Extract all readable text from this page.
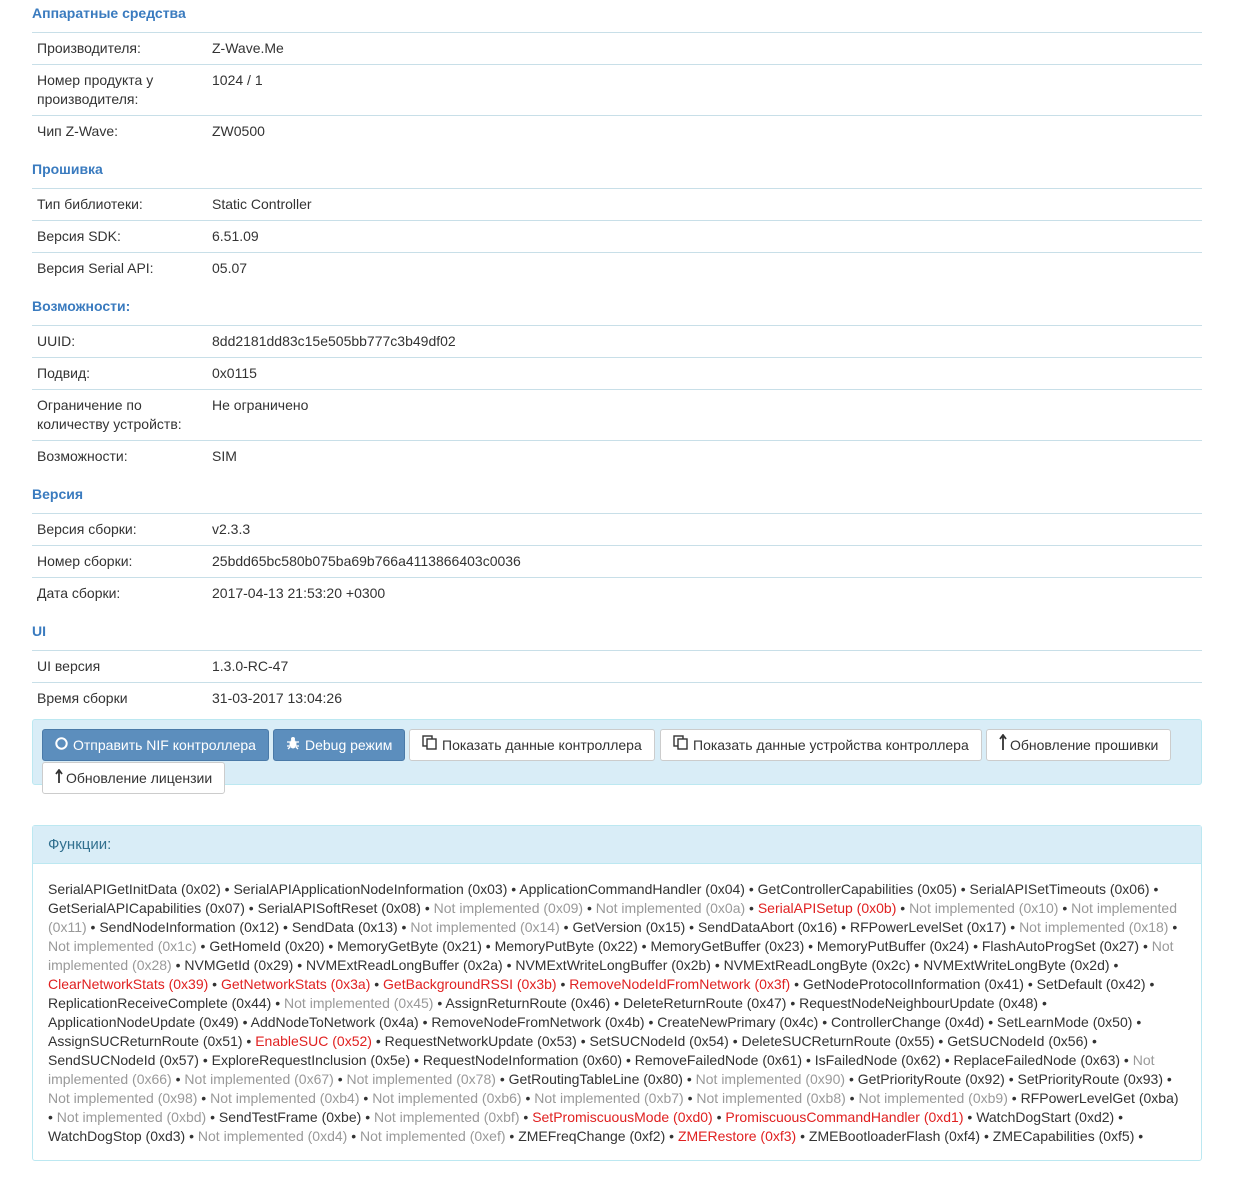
Аппаратные средства
Производителя:	Z-Wave.Me
Номер продукта у производителя:
1024 / 1
Чип Z-Wave:	ZW0500
Прошивка
Тип библиотеки:	Static Controller
Версия SDK:	6.51.09
Версия Serial API:	05.07
Возможности:
UUID:	8dd2181dd83c15e505bb777c3b49df02
Подвид:	0x0115
Ограничение по количеству устройств:
Не ограничено
Возможности:	SIM
Версия
Версия сборки:	v2.3.3
Номер сборки:	25bdd65bc580b075ba69b766a4113866403c0036
Дата сборки:	2017-04-13 21:53:20 +0300
UI
UI версия	1.3.0-RC-47
Время сборки	31-03-2017 13:04:26
Отправить NIF контроллера	Debug режим	Показать данные контроллера	Показать данные устройства контроллера	Обновление прошивки
Обновление лицензии
Функции:
SerialAPIGetInitData (0x02) • SerialAPIApplicationNodeInformation (0x03) • ApplicationCommandHandler (0x04) • GetControllerCapabilities (0x05) • SerialAPISetTimeouts (0x06) • GetSerialAPICapabilities (0x07) • SerialAPISoftReset (0x08) • Not implemented (0x09) • Not implemented (0x0a) • SerialAPISetup (0x0b) • Not implemented (0x10) • Not implemented (0x11) • SendNodeInformation (0x12) • SendData (0x13) • Not implemented (0x14) • GetVersion (0x15) • SendDataAbort (0x16) • RFPowerLevelSet (0x17) • Not implemented (0x18) • Not implemented (0x1c) • GetHomeId (0x20) • MemoryGetByte (0x21) • MemoryPutByte (0x22) • MemoryGetBuffer (0x23) • MemoryPutBuffer (0x24) • FlashAutoProgSet (0x27) • Not implemented (0x28) • NVMGetId (0x29) • NVMExtReadLongBuffer (0x2a) • NVMExtWriteLongBuffer (0x2b) • NVMExtReadLongByte (0x2c) • NVMExtWriteLongByte (0x2d) • ClearNetworkStats (0x39) • GetNetworkStats (0x3a) • GetBackgroundRSSI (0x3b) • RemoveNodeIdFromNetwork (0x3f) • GetNodeProtocolInformation (0x41) • SetDefault (0x42) • ReplicationReceiveComplete (0x44) • Not implemented (0x45) • AssignReturnRoute (0x46) • DeleteReturnRoute (0x47) • RequestNodeNeighbourUpdate (0x48) • ApplicationNodeUpdate (0x49) • AddNodeToNetwork (0x4a) • RemoveNodeFromNetwork (0x4b) • CreateNewPrimary (0x4c) • ControllerChange (0x4d) • SetLearnMode (0x50) • AssignSUCReturnRoute (0x51) • EnableSUC (0x52) • RequestNetworkUpdate (0x53) • SetSUCNodeId (0x54) • DeleteSUCReturnRoute (0x55) • GetSUCNodeId (0x56) • SendSUCNodeId (0x57) • ExploreRequestInclusion (0x5e) • RequestNodeInformation (0x60) • RemoveFailedNode (0x61) • IsFailedNode (0x62) • ReplaceFailedNode (0x63) • Not implemented (0x66) • Not implemented (0x67) • Not implemented (0x78) • GetRoutingTableLine (0x80) • Not implemented (0x90) • GetPriorityRoute (0x92) • SetPriorityRoute (0x93) • Not implemented (0x98) • Not implemented (0xb4) • Not implemented (0xb6) • Not implemented (0xb7) • Not implemented (0xb8) • Not implemented (0xb9) • RFPowerLevelGet (0xba) • Not implemented (0xbd) • SendTestFrame (0xbe) • Not implemented (0xbf) • SetPromiscuousMode (0xd0) • PromiscuousCommandHandler (0xd1) • WatchDogStart (0xd2) • WatchDogStop (0xd3) • Not implemented (0xd4) • Not implemented (0xef) • ZMEFreqChange (0xf2) • ZMERestore (0xf3) • ZMEBootloaderFlash (0xf4) • ZMECapabilities (0xf5) •
